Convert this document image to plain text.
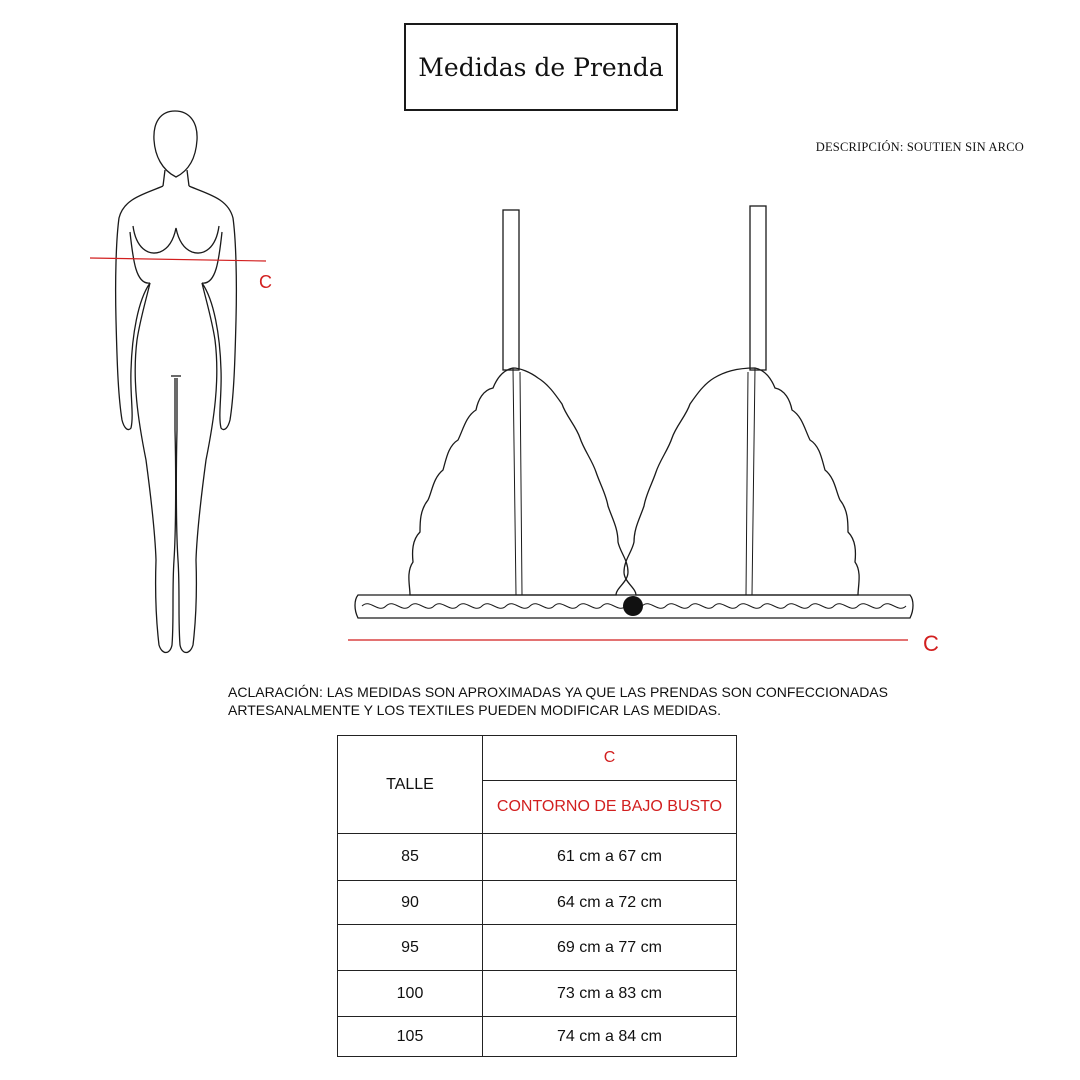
Medidas de Prenda
DESCRIPCIÓN: SOUTIEN SIN ARCO
C
C
ACLARACIÓN: LAS MEDIDAS SON APROXIMADAS YA QUE LAS PRENDAS SON CONFECCIONADAS
ARTESANALMENTE Y LOS TEXTILES PUEDEN MODIFICAR LAS MEDIDAS.
TALLE	C
	CONTORNO DE BAJO BUSTO
85	61 cm a 67 cm
90	64 cm a 72 cm
95	69 cm a 77 cm
100	73 cm a 83 cm
105	74 cm a 84 cm
